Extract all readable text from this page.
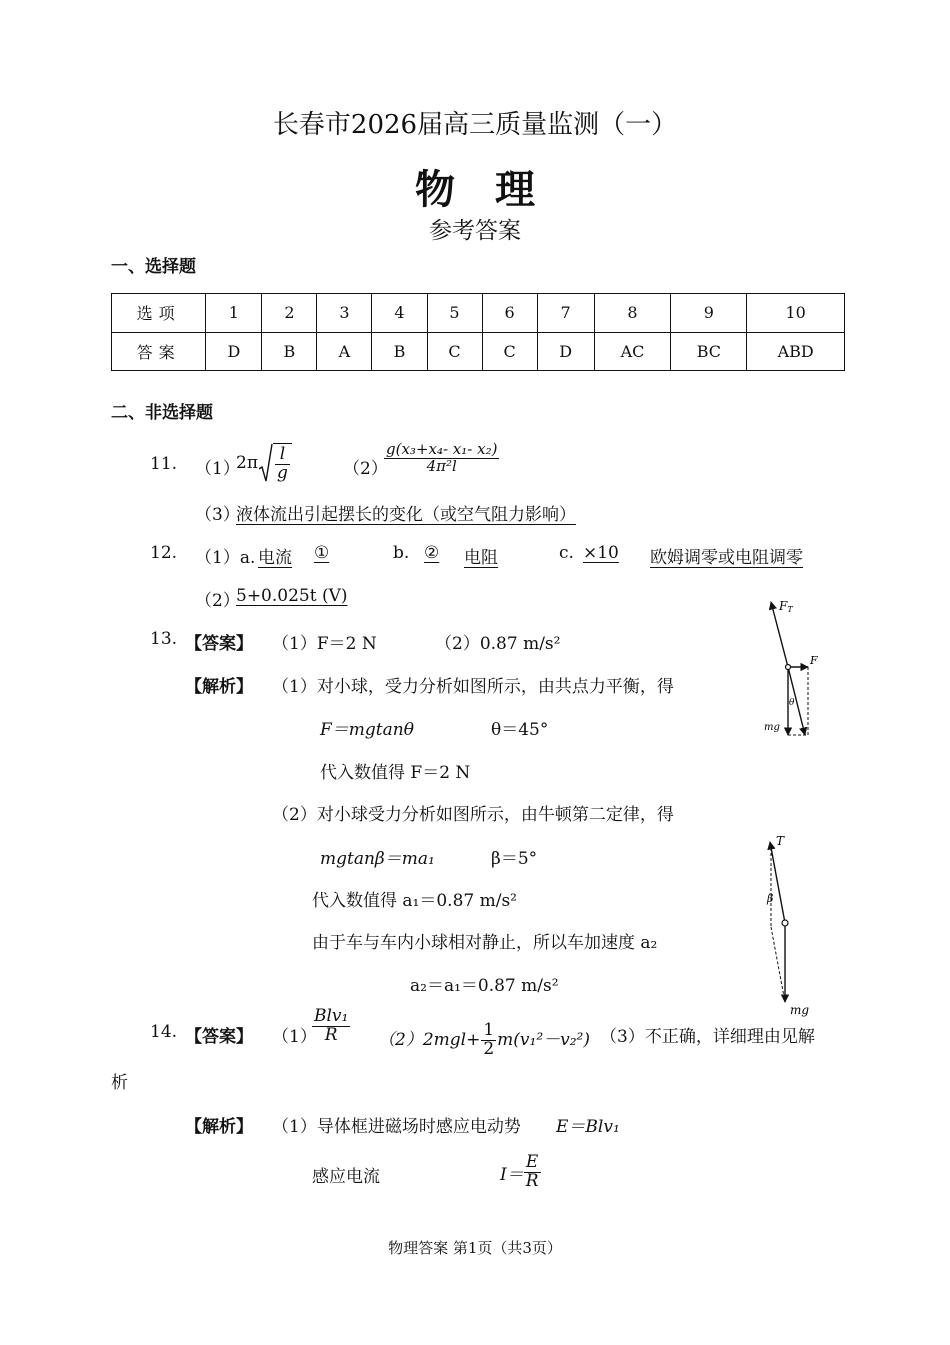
长春市2026届高三质量监测（一）
物理
参考答案
一、选择题
选项	1	2	3	4	5	6	7	8	9	10
答案	D	B	A	B	C	C	D	AC	BC	ABD
二、非选择题
11. （1）
$2\pi \frac{l}{g}$	（2）
$\frac{\text{g(x₃+x₄- x₁- x₂)}}{\text{4π²l}}$
（3）
液体流出引起摆长的变化（或空气阻力影响）
12. （1）a. 电流 ①	b. ② 电阻	c. ×10 欧姆调零或电阻调零
（2）
5+0.025t (V)
13. 【答案】 （1）F＝2 N	（2）0.87 m/s²
【解析】 （1）对小球，受力分析如图所示，由共点力平衡，得
F＝mgtanθ	θ＝45°
代入数值得 F＝2 N
（2）对小球受力分析如图所示，由牛顿第二定律，得
mgtanβ＝ma₁	β＝5°
代入数值得 a₁＝0.87 m/s²
由于车与车内小球相对静止，所以车加速度 a₂
a₂＝a₁＝0.87 m/s²
FT
F
θ
mg
T
β
mg
14. 【答案】 （1）
$\frac{\text{Blv₁}}{R} (2)2mgl+ \frac{1}{2} m(v_1^2-v_2^2)$ （3）不正确，详细理由见解
析
【解析】 （1）导体框进磁场时感应电动势 E＝Blv₁
感应电流	$I= \frac{E}{R}$
物理答案 第1页（共3页）
